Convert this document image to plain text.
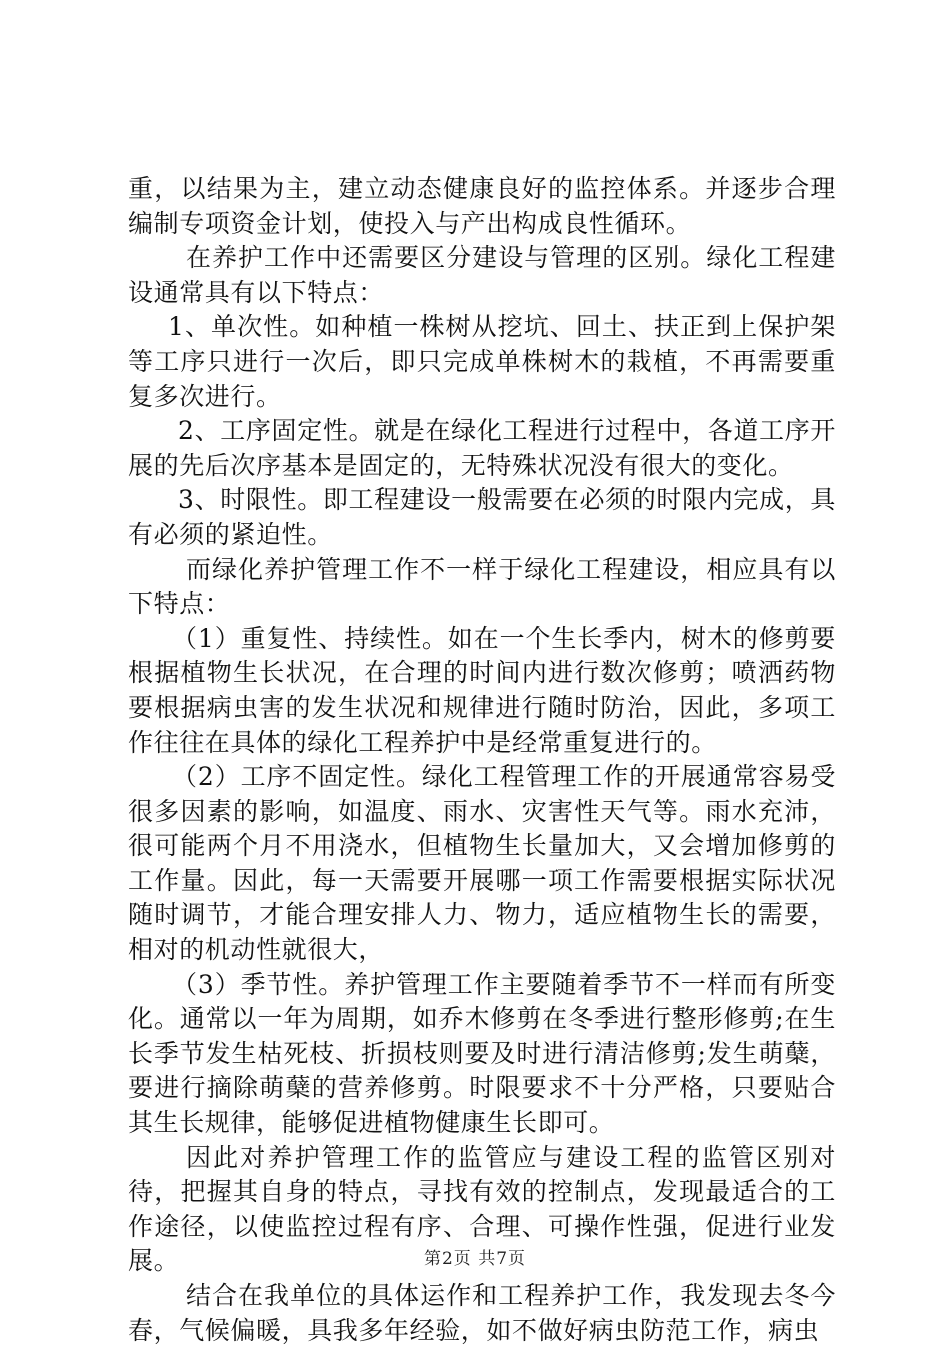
重，以结果为主，建立动态健康良好的监控体系。并逐步合理编制专项资金计划，使投入与产出构成良性循环。

在养护工作中还需要区分建设与管理的区别。绿化工程建设通常具有以下特点：

1、单次性。如种植一株树从挖坑、回土、扶正到上保护架等工序只进行一次后，即只完成单株树木的栽植，不再需要重复多次进行。

2、工序固定性。就是在绿化工程进行过程中，各道工序开展的先后次序基本是固定的，无特殊状况没有很大的变化。

3、时限性。即工程建设一般需要在必须的时限内完成，具有必须的紧迫性。

而绿化养护管理工作不一样于绿化工程建设，相应具有以下特点：

（1）重复性、持续性。如在一个生长季内，树木的修剪要根据植物生长状况，在合理的时间内进行数次修剪；喷洒药物要根据病虫害的发生状况和规律进行随时防治，因此，多项工作往往在具体的绿化工程养护中是经常重复进行的。

（2）工序不固定性。绿化工程管理工作的开展通常容易受很多因素的影响，如温度、雨水、灾害性天气等。雨水充沛，很可能两个月不用浇水，但植物生长量加大，又会增加修剪的工作量。因此，每一天需要开展哪一项工作需要根据实际状况随时调节，才能合理安排人力、物力，适应植物生长的需要，相对的机动性就很大，

（3）季节性。养护管理工作主要随着季节不一样而有所变化。通常以一年为周期，如乔木修剪在冬季进行整形修剪;在生长季节发生枯死枝、折损枝则要及时进行清洁修剪;发生萌蘖，要进行摘除萌蘖的营养修剪。时限要求不十分严格，只要贴合其生长规律，能够促进植物健康生长即可。

因此对养护管理工作的监管应与建设工程的监管区别对待，把握其自身的特点，寻找有效的控制点，发现最适合的工作途径，以使监控过程有序、合理、可操作性强，促进行业发展。

结合在我单位的具体运作和工程养护工作，我发现去冬今春，气候偏暖，具我多年经验，如不做好病虫防范工作，病虫

第2页 共7页
